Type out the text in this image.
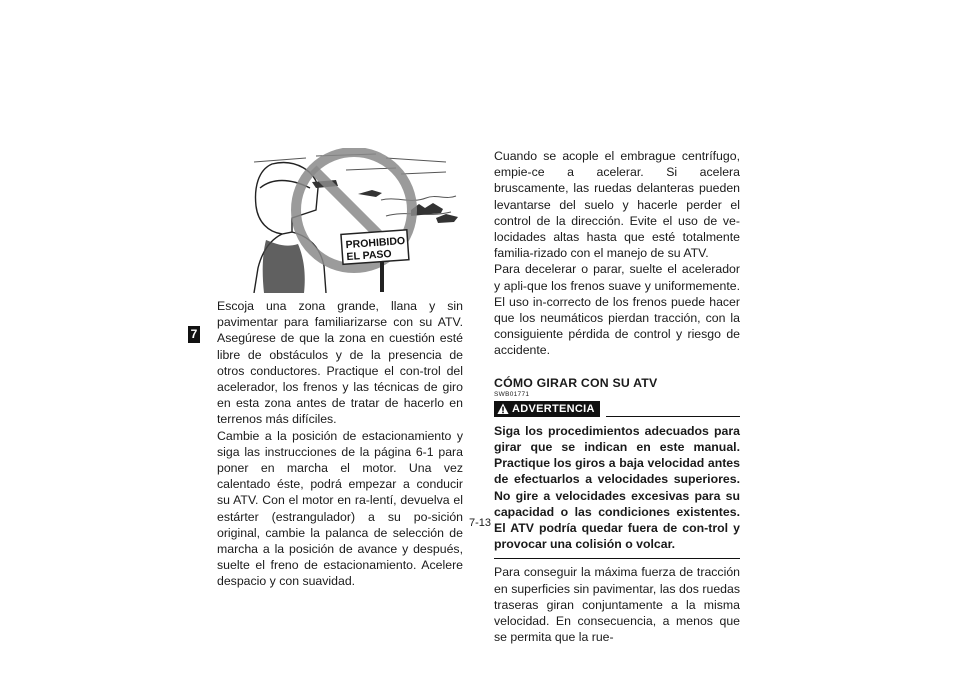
7
PROHIBIDO
EL PASO

Escoja una zona grande, llana y sin pavimentar para familiarizarse con su ATV. Asegúrese de que la zona en cuestión esté libre de obstáculos y de la presencia de otros conductores. Practique el con-trol del acelerador, los frenos y las técnicas de giro en esta zona antes de tratar de hacerlo en terrenos más difíciles.

Cambie a la posición de estacionamiento y siga las instrucciones de la página 6-1 para poner en marcha el motor. Una vez calentado éste, podrá empezar a conducir su ATV. Con el motor en ra-lentí, devuelva el estárter (estrangulador) a su po-sición original, cambie la palanca de selección de marcha a la posición de avance y después, suelte el freno de estacionamiento. Acelere despacio y con suavidad.

Cuando se acople el embrague centrífugo, empie-ce a acelerar. Si acelera bruscamente, las ruedas delanteras pueden levantarse del suelo y hacerle perder el control de la dirección. Evite el uso de ve-locidades altas hasta que esté totalmente familia-rizado con el manejo de su ATV.

Para decelerar o parar, suelte el acelerador y apli-que los frenos suave y uniformemente. El uso in-correcto de los frenos puede hacer que los neumáticos pierdan tracción, con la consiguiente pérdida de control y riesgo de accidente.

CÓMO GIRAR CON SU ATV

SWB01771

ADVERTENCIA

Siga los procedimientos adecuados para girar que se indican en este manual. Practique los giros a baja velocidad antes de efectuarlos a velocidades superiores. No gire a velocidades excesivas para su capacidad o las condiciones existentes. El ATV podría quedar fuera de con-trol y provocar una colisión o volcar.

Para conseguir la máxima fuerza de tracción en superficies sin pavimentar, las dos ruedas traseras giran conjuntamente a la misma velocidad. En consecuencia, a menos que se permita que la rue-

7-13
